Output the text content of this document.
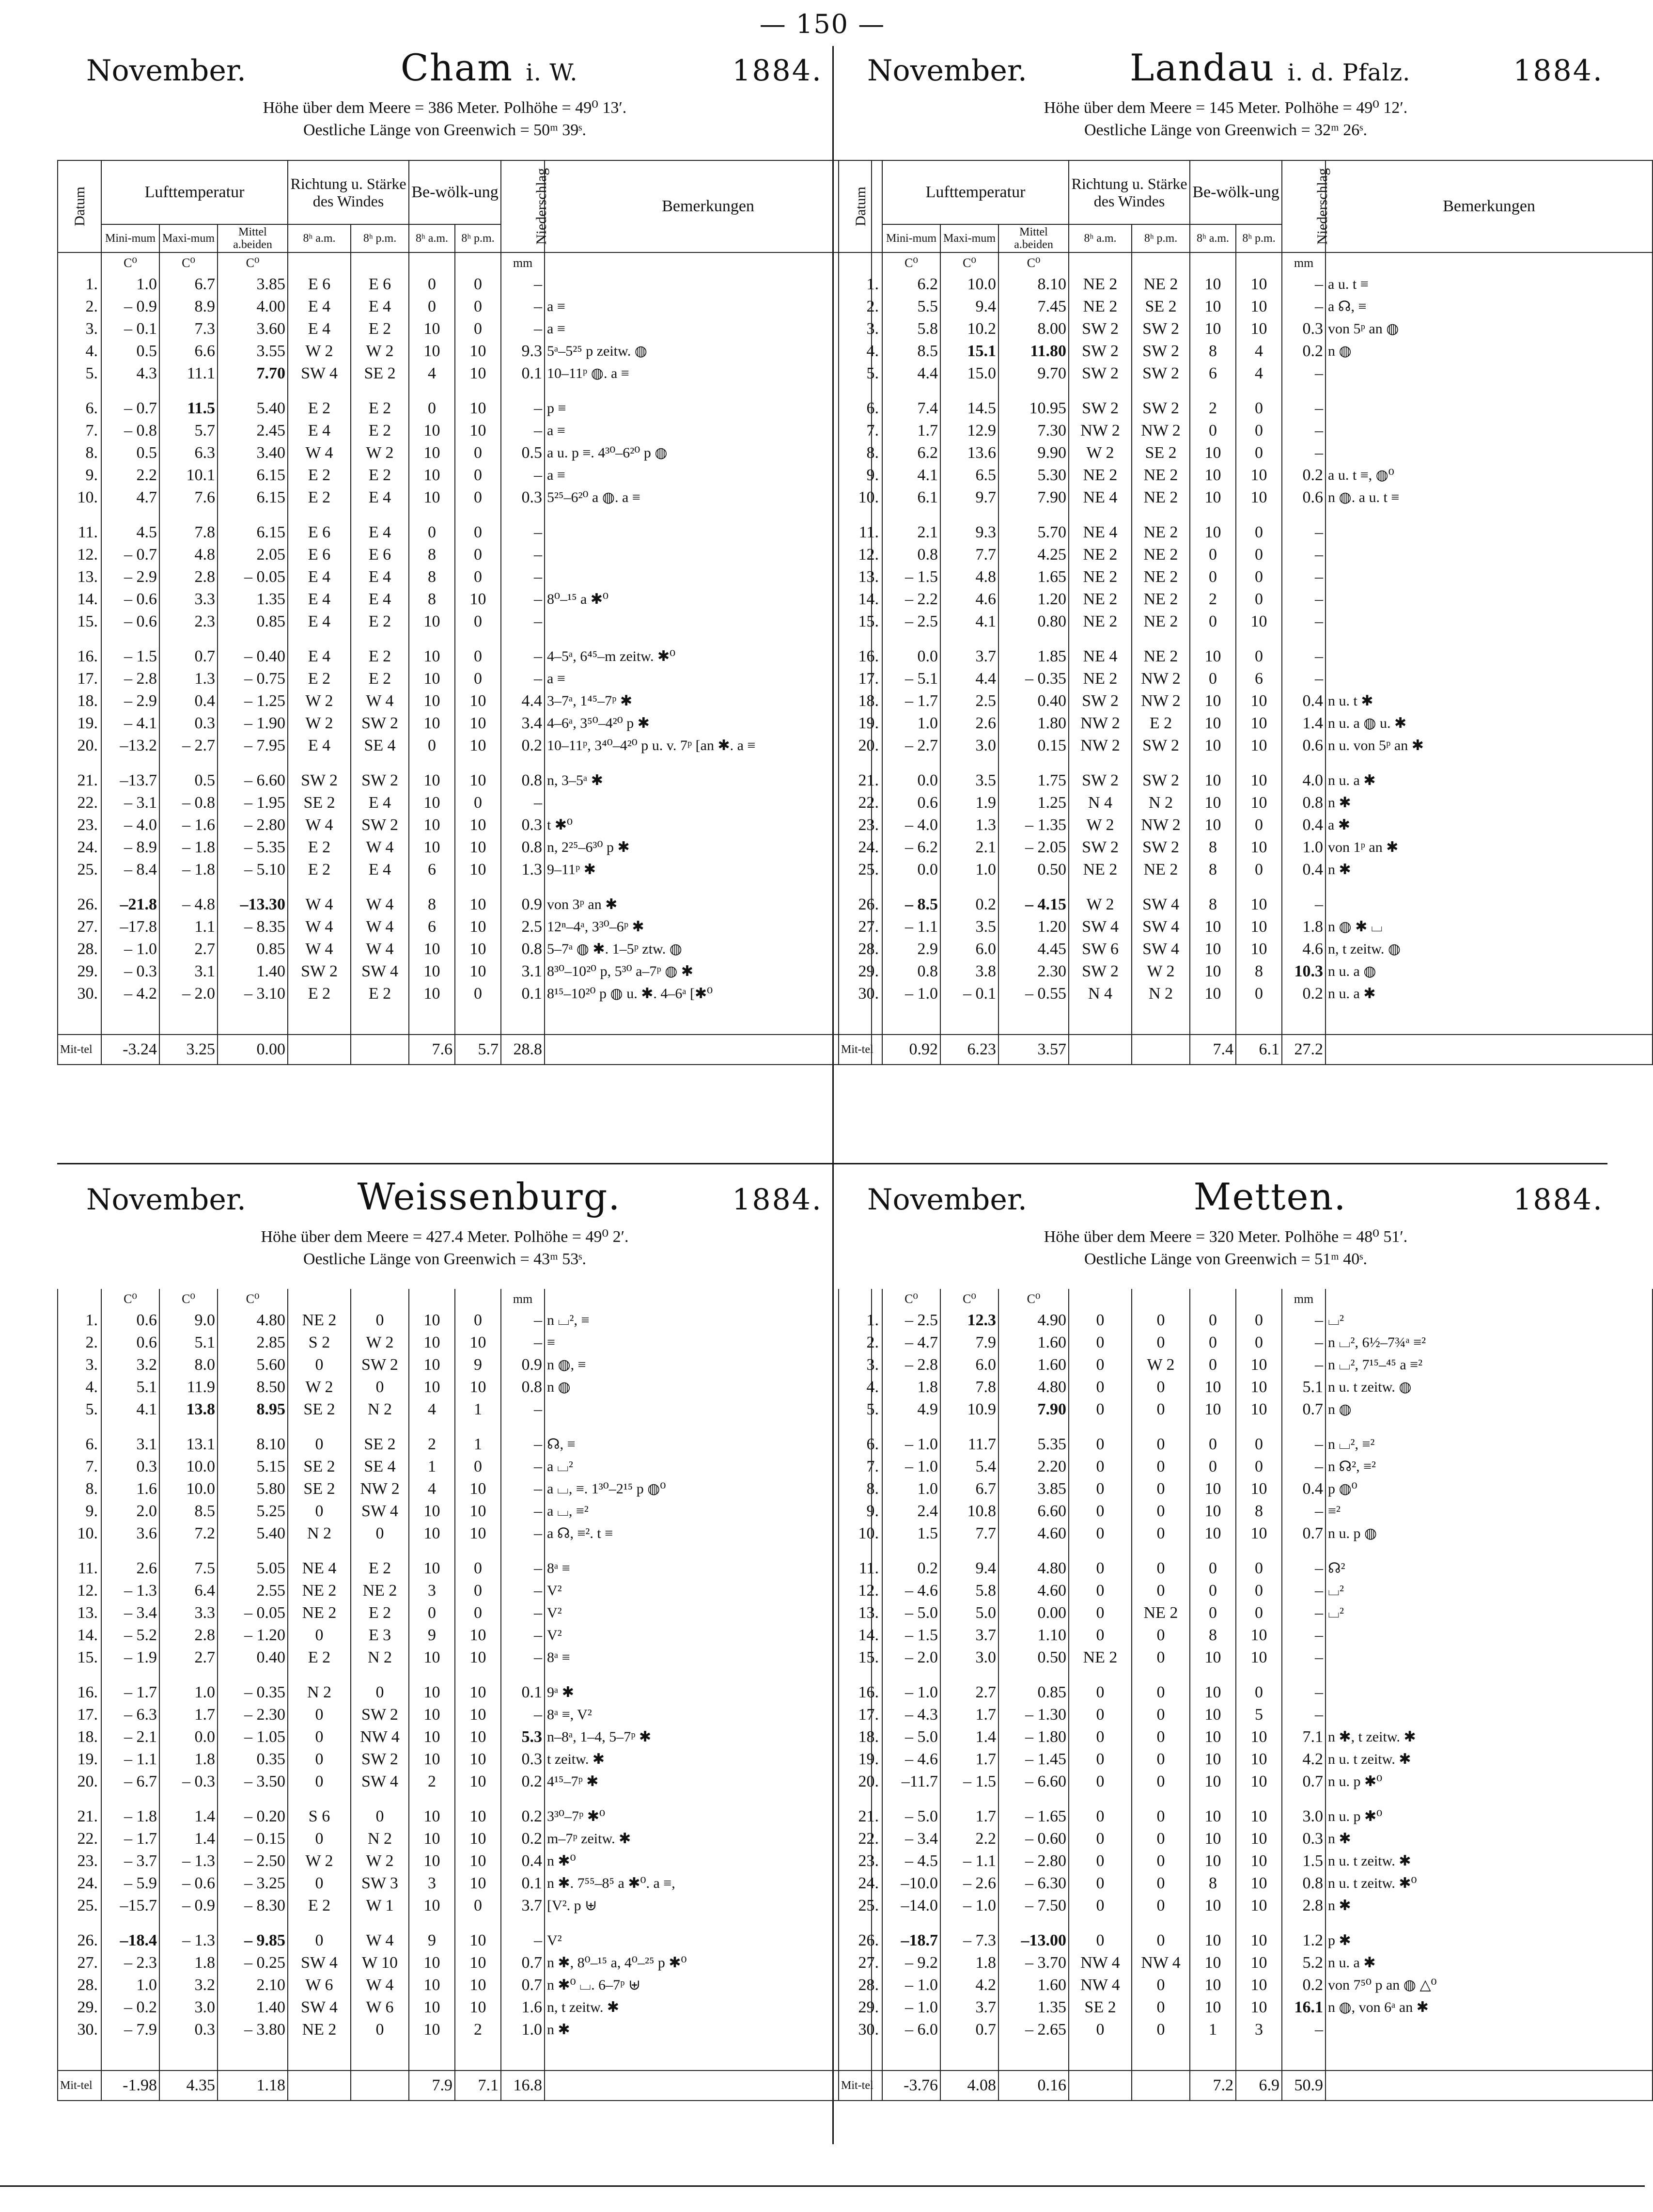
— 150 —
November.	Cham i. W.	1884.
Höhe über dem Meere = 386 Meter. Polhöhe = 49⁰ 13′.
Oestliche Länge von Greenwich = 50ᵐ 39ˢ.
Datum	Lufttemperatur			Richtung u. Stärke des Windes		Be-wölk-ung		Niederschlag	Bemerkungen
	Mini-mum	Maxi-mum	Mittel a.beiden	8ʰ a.m.	8ʰ p.m.	8ʰ a.m.	8ʰ p.m.		
	C⁰	C⁰	C⁰					mm	
1.	1.0	6.7	3.85	E 6	E 6	0	0	–	
2.	– 0.9	8.9	4.00	E 4	E 4	0	0	–	a ≡
3.	– 0.1	7.3	3.60	E 4	E 2	10	0	–	a ≡
4.	0.5	6.6	3.55	W 2	W 2	10	10	9.3	5ᵃ–5²⁵ p zeitw. ◍
5.	4.3	11.1	7.70	SW 4	SE 2	4	10	0.1	10–11ᵖ ◍. a ≡

6.	– 0.7	11.5	5.40	E 2	E 2	0	10	–	p ≡
7.	– 0.8	5.7	2.45	E 4	E 2	10	10	–	a ≡
8.	0.5	6.3	3.40	W 4	W 2	10	0	0.5	a u. p ≡. 4³⁰–6²⁰ p ◍
9.	2.2	10.1	6.15	E 2	E 2	10	0	–	a ≡
10.	4.7	7.6	6.15	E 2	E 4	10	0	0.3	5²⁵–6²⁰ a ◍. a ≡

11.	4.5	7.8	6.15	E 6	E 4	0	0	–	
12.	– 0.7	4.8	2.05	E 6	E 6	8	0	–	
13.	– 2.9	2.8	– 0.05	E 4	E 4	8	0	–	
14.	– 0.6	3.3	1.35	E 4	E 4	8	10	–	8⁰–¹⁵ a ✱⁰
15.	– 0.6	2.3	0.85	E 4	E 2	10	0	–	

16.	– 1.5	0.7	– 0.40	E 4	E 2	10	0	–	4–5ᵃ, 6⁴⁵–m zeitw. ✱⁰
17.	– 2.8	1.3	– 0.75	E 2	E 2	10	0	–	a ≡
18.	– 2.9	0.4	– 1.25	W 2	W 4	10	10	4.4	3–7ᵃ, 1⁴⁵–7ᵖ ✱
19.	– 4.1	0.3	– 1.90	W 2	SW 2	10	10	3.4	4–6ᵃ, 3⁵⁰–4²⁰ p ✱
20.	–13.2	– 2.7	– 7.95	E 4	SE 4	0	10	0.2	10–11ᵖ, 3⁴⁰–4²⁰ p u. v. 7ᵖ [an ✱. a ≡

21.	–13.7	0.5	– 6.60	SW 2	SW 2	10	10	0.8	n, 3–5ᵃ ✱
22.	– 3.1	– 0.8	– 1.95	SE 2	E 4	10	0	–	
23.	– 4.0	– 1.6	– 2.80	W 4	SW 2	10	10	0.3	t ✱⁰
24.	– 8.9	– 1.8	– 5.35	E 2	W 4	10	10	0.8	n, 2²⁵–6³⁰ p ✱
25.	– 8.4	– 1.8	– 5.10	E 2	E 4	6	10	1.3	9–11ᵖ ✱

26.	–21.8	– 4.8	–13.30	W 4	W 4	8	10	0.9	von 3ᵖ an ✱
27.	–17.8	1.1	– 8.35	W 4	W 4	6	10	2.5	12ⁿ–4ᵃ, 3³⁰–6ᵖ ✱
28.	– 1.0	2.7	0.85	W 4	W 4	10	10	0.8	5–7ᵃ ◍ ✱. 1–5ᵖ ztw. ◍
29.	– 0.3	3.1	1.40	SW 2	SW 4	10	10	3.1	8³⁰–10²⁰ p, 5³⁰ a–7ᵖ ◍ ✱
30.	– 4.2	– 2.0	– 3.10	E 2	E 2	10	0	0.1	8¹⁵–10²⁰ p ◍ u. ✱. 4–6ᵃ [✱⁰

Mit-tel	-3.24	3.25	0.00			7.6	5.7	28.8	
November.	Landau i. d. Pfalz.	1884.
Höhe über dem Meere = 145 Meter. Polhöhe = 49⁰ 12′.
Oestliche Länge von Greenwich = 32ᵐ 26ˢ.
Datum	Lufttemperatur			Richtung u. Stärke des Windes		Be-wölk-ung		Niederschlag	Bemerkungen
	Mini-mum	Maxi-mum	Mittel a.beiden	8ʰ a.m.	8ʰ p.m.	8ʰ a.m.	8ʰ p.m.		
	C⁰	C⁰	C⁰					mm	
1.	6.2	10.0	8.10	NE 2	NE 2	10	10	–	a u. t ≡
2.	5.5	9.4	7.45	NE 2	SE 2	10	10	–	a ☊, ≡
3.	5.8	10.2	8.00	SW 2	SW 2	10	10	0.3	von 5ᵖ an ◍
4.	8.5	15.1	11.80	SW 2	SW 2	8	4	0.2	n ◍
5.	4.4	15.0	9.70	SW 2	SW 2	6	4	–	

6.	7.4	14.5	10.95	SW 2	SW 2	2	0	–	
7.	1.7	12.9	7.30	NW 2	NW 2	0	0	–	
8.	6.2	13.6	9.90	W 2	SE 2	10	0	–	
9.	4.1	6.5	5.30	NE 2	NE 2	10	10	0.2	a u. t ≡, ◍⁰
10.	6.1	9.7	7.90	NE 4	NE 2	10	10	0.6	n ◍. a u. t ≡

11.	2.1	9.3	5.70	NE 4	NE 2	10	0	–	
12.	0.8	7.7	4.25	NE 2	NE 2	0	0	–	
13.	– 1.5	4.8	1.65	NE 2	NE 2	0	0	–	
14.	– 2.2	4.6	1.20	NE 2	NE 2	2	0	–	
15.	– 2.5	4.1	0.80	NE 2	NE 2	0	10	–	

16.	0.0	3.7	1.85	NE 4	NE 2	10	0	–	
17.	– 5.1	4.4	– 0.35	NE 2	NW 2	0	6	–	
18.	– 1.7	2.5	0.40	SW 2	NW 2	10	10	0.4	n u. t ✱
19.	1.0	2.6	1.80	NW 2	E 2	10	10	1.4	n u. a ◍ u. ✱
20.	– 2.7	3.0	0.15	NW 2	SW 2	10	10	0.6	n u. von 5ᵖ an ✱

21.	0.0	3.5	1.75	SW 2	SW 2	10	10	4.0	n u. a ✱
22.	0.6	1.9	1.25	N 4	N 2	10	10	0.8	n ✱
23.	– 4.0	1.3	– 1.35	W 2	NW 2	10	0	0.4	a ✱
24.	– 6.2	2.1	– 2.05	SW 2	SW 2	8	10	1.0	von 1ᵖ an ✱
25.	0.0	1.0	0.50	NE 2	NE 2	8	0	0.4	n ✱

26.	– 8.5	0.2	– 4.15	W 2	SW 4	8	10	–	
27.	– 1.1	3.5	1.20	SW 4	SW 4	10	10	1.8	n ◍ ✱ ⌴
28.	2.9	6.0	4.45	SW 6	SW 4	10	10	4.6	n, t zeitw. ◍
29.	0.8	3.8	2.30	SW 2	W 2	10	8	10.3	n u. a ◍
30.	– 1.0	– 0.1	– 0.55	N 4	N 2	10	0	0.2	n u. a ✱

Mit-tel	0.92	6.23	3.57			7.4	6.1	27.2	
November.	Weissenburg.	1884.
Höhe über dem Meere = 427.4 Meter. Polhöhe = 49⁰ 2′.
Oestliche Länge von Greenwich = 43ᵐ 53ˢ.
	C⁰	C⁰	C⁰					mm	
1.	0.6	9.0	4.80	NE 2	0	10	0	–	n ⌴², ≡
2.	0.6	5.1	2.85	S 2	W 2	10	10	–	≡
3.	3.2	8.0	5.60	0	SW 2	10	9	0.9	n ◍, ≡
4.	5.1	11.9	8.50	W 2	0	10	10	0.8	n ◍
5.	4.1	13.8	8.95	SE 2	N 2	4	1	–	

6.	3.1	13.1	8.10	0	SE 2	2	1	–	☊, ≡
7.	0.3	10.0	5.15	SE 2	SE 4	1	0	–	a ⌴²
8.	1.6	10.0	5.80	SE 2	NW 2	4	10	–	a ⌴, ≡. 1³⁰–2¹⁵ p ◍⁰
9.	2.0	8.5	5.25	0	SW 4	10	10	–	a ⌴, ≡²
10.	3.6	7.2	5.40	N 2	0	10	10	–	a ☊, ≡². t ≡

11.	2.6	7.5	5.05	NE 4	E 2	10	0	–	8ᵃ ≡
12.	– 1.3	6.4	2.55	NE 2	NE 2	3	0	–	V²
13.	– 3.4	3.3	– 0.05	NE 2	E 2	0	0	–	V²
14.	– 5.2	2.8	– 1.20	0	E 3	9	10	–	V²
15.	– 1.9	2.7	0.40	E 2	N 2	10	10	–	8ᵃ ≡

16.	– 1.7	1.0	– 0.35	N 2	0	10	10	0.1	9ᵃ ✱
17.	– 6.3	1.7	– 2.30	0	SW 2	10	10	–	8ᵃ ≡, V²
18.	– 2.1	0.0	– 1.05	0	NW 4	10	10	5.3	n–8ᵃ, 1–4, 5–7ᵖ ✱
19.	– 1.1	1.8	0.35	0	SW 2	10	10	0.3	t zeitw. ✱
20.	– 6.7	– 0.3	– 3.50	0	SW 4	2	10	0.2	4¹⁵–7ᵖ ✱

21.	– 1.8	1.4	– 0.20	S 6	0	10	10	0.2	3³⁰–7ᵖ ✱⁰
22.	– 1.7	1.4	– 0.15	0	N 2	10	10	0.2	m–7ᵖ zeitw. ✱
23.	– 3.7	– 1.3	– 2.50	W 2	W 2	10	10	0.4	n ✱⁰
24.	– 5.9	– 0.6	– 3.25	0	SW 3	3	10	0.1	n ✱. 7⁵⁵–8⁵ a ✱⁰. a ≡,
25.	–15.7	– 0.9	– 8.30	E 2	W 1	10	0	3.7	[V². p ⊎

26.	–18.4	– 1.3	– 9.85	0	W 4	9	10	–	V²
27.	– 2.3	1.8	– 0.25	SW 4	W 10	10	10	0.7	n ✱, 8⁰–¹⁵ a, 4⁰–²⁵ p ✱⁰
28.	1.0	3.2	2.10	W 6	W 4	10	10	0.7	n ✱⁰ ⌴. 6–7ᵖ ⊎
29.	– 0.2	3.0	1.40	SW 4	W 6	10	10	1.6	n, t zeitw. ✱
30.	– 7.9	0.3	– 3.80	NE 2	0	10	2	1.0	n ✱

Mit-tel	-1.98	4.35	1.18			7.9	7.1	16.8	
November.	Metten.	1884.
Höhe über dem Meere = 320 Meter. Polhöhe = 48⁰ 51′.
Oestliche Länge von Greenwich = 51ᵐ 40ˢ.
	C⁰	C⁰	C⁰					mm	
1.	– 2.5	12.3	4.90	0	0	0	0	–	⌴²
2.	– 4.7	7.9	1.60	0	0	0	0	–	n ⌴², 6½–7¾ᵃ ≡²
3.	– 2.8	6.0	1.60	0	W 2	0	10	–	n ⌴², 7¹⁵–⁴⁵ a ≡²
4.	1.8	7.8	4.80	0	0	10	10	5.1	n u. t zeitw. ◍
5.	4.9	10.9	7.90	0	0	10	10	0.7	n ◍

6.	– 1.0	11.7	5.35	0	0	0	0	–	n ⌴², ≡²
7.	– 1.0	5.4	2.20	0	0	0	0	–	n ☊², ≡²
8.	1.0	6.7	3.85	0	0	10	10	0.4	p ◍⁰
9.	2.4	10.8	6.60	0	0	10	8	–	≡²
10.	1.5	7.7	4.60	0	0	10	10	0.7	n u. p ◍

11.	0.2	9.4	4.80	0	0	0	0	–	☊²
12.	– 4.6	5.8	4.60	0	0	0	0	–	⌴²
13.	– 5.0	5.0	0.00	0	NE 2	0	0	–	⌴²
14.	– 1.5	3.7	1.10	0	0	8	10	–	
15.	– 2.0	3.0	0.50	NE 2	0	10	10	–	

16.	– 1.0	2.7	0.85	0	0	10	0	–	
17.	– 4.3	1.7	– 1.30	0	0	10	5	–	
18.	– 5.0	1.4	– 1.80	0	0	10	10	7.1	n ✱, t zeitw. ✱
19.	– 4.6	1.7	– 1.45	0	0	10	10	4.2	n u. t zeitw. ✱
20.	–11.7	– 1.5	– 6.60	0	0	10	10	0.7	n u. p ✱⁰

21.	– 5.0	1.7	– 1.65	0	0	10	10	3.0	n u. p ✱⁰
22.	– 3.4	2.2	– 0.60	0	0	10	10	0.3	n ✱
23.	– 4.5	– 1.1	– 2.80	0	0	10	10	1.5	n u. t zeitw. ✱
24.	–10.0	– 2.6	– 6.30	0	0	8	10	0.8	n u. t zeitw. ✱⁰
25.	–14.0	– 1.0	– 7.50	0	0	10	10	2.8	n ✱

26.	–18.7	– 7.3	–13.00	0	0	10	10	1.2	p ✱
27.	– 9.2	1.8	– 3.70	NW 4	NW 4	10	10	5.2	n u. a ✱
28.	– 1.0	4.2	1.60	NW 4	0	10	10	0.2	von 7⁵⁰ p an ◍ △⁰
29.	– 1.0	3.7	1.35	SE 2	0	10	10	16.1	n ◍, von 6ᵃ an ✱
30.	– 6.0	0.7	– 2.65	0	0	1	3	–	

Mit-tel	-3.76	4.08	0.16			7.2	6.9	50.9	
